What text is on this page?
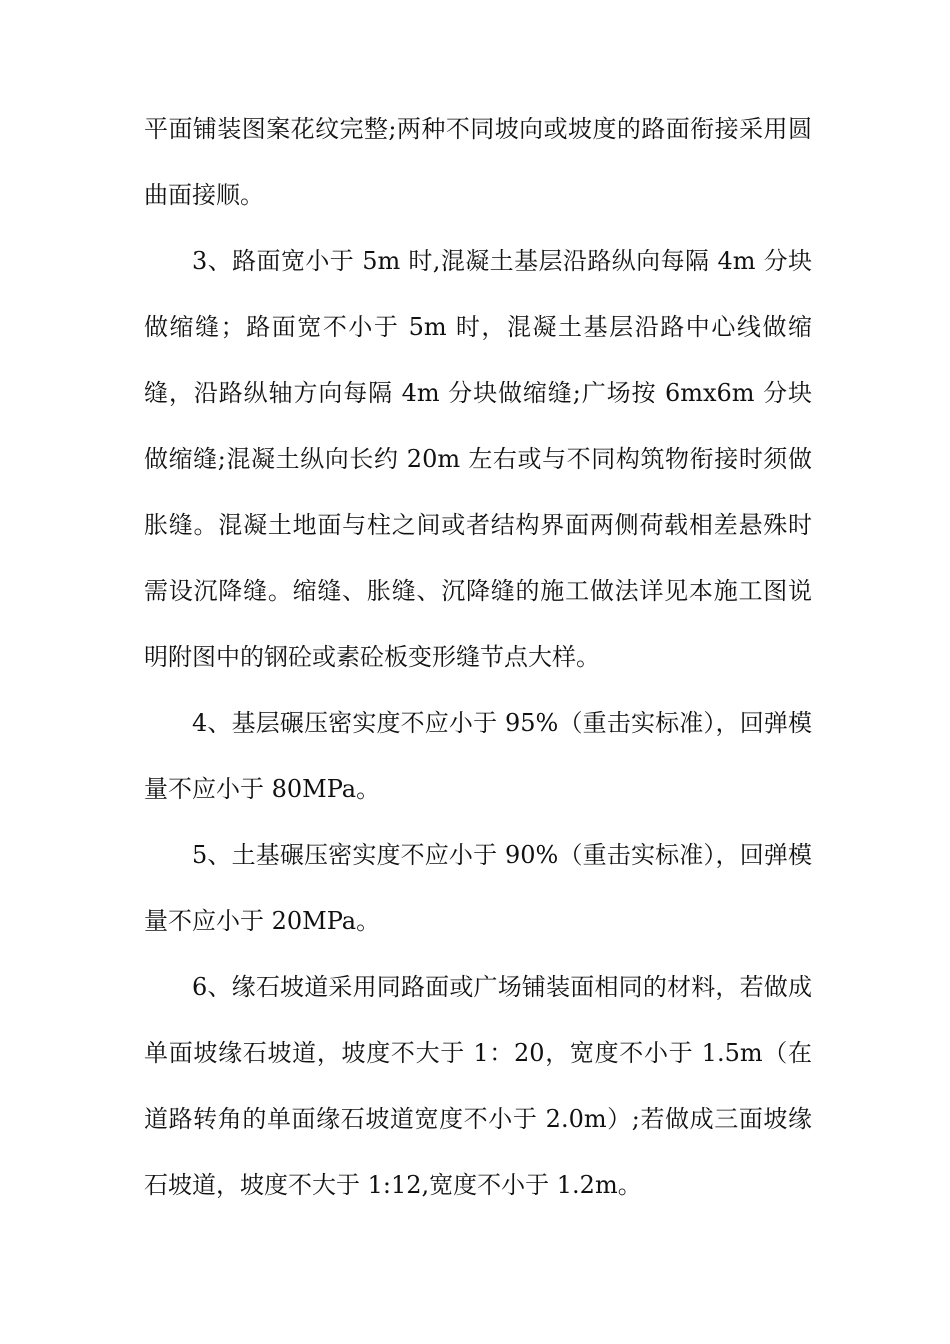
平面铺装图案花纹完整;两种不同坡向或坡度的路面衔接采用圆曲面接顺。

3、路面宽小于 5m 时,混凝土基层沿路纵向每隔 4m 分块做缩缝；路面宽不小于 5m 时，混凝土基层沿路中心线做缩缝，沿路纵轴方向每隔 4m 分块做缩缝;广场按 6mx6m 分块做缩缝;混凝土纵向长约 20m 左右或与不同构筑物衔接时须做胀缝。混凝土地面与柱之间或者结构界面两侧荷载相差悬殊时需设沉降缝。缩缝、胀缝、沉降缝的施工做法详见本施工图说明附图中的钢砼或素砼板变形缝节点大样。

4、基层碾压密实度不应小于 95%（重击实标准），回弹模量不应小于 80MPa。

5、土基碾压密实度不应小于 90%（重击实标准），回弹模量不应小于 20MPa。

6、缘石坡道采用同路面或广场铺装面相同的材料，若做成单面坡缘石坡道，坡度不大于 1：20，宽度不小于 1.5m（在道路转角的单面缘石坡道宽度不小于 2.0m）;若做成三面坡缘石坡道，坡度不大于 1:12,宽度不小于 1.2m。
